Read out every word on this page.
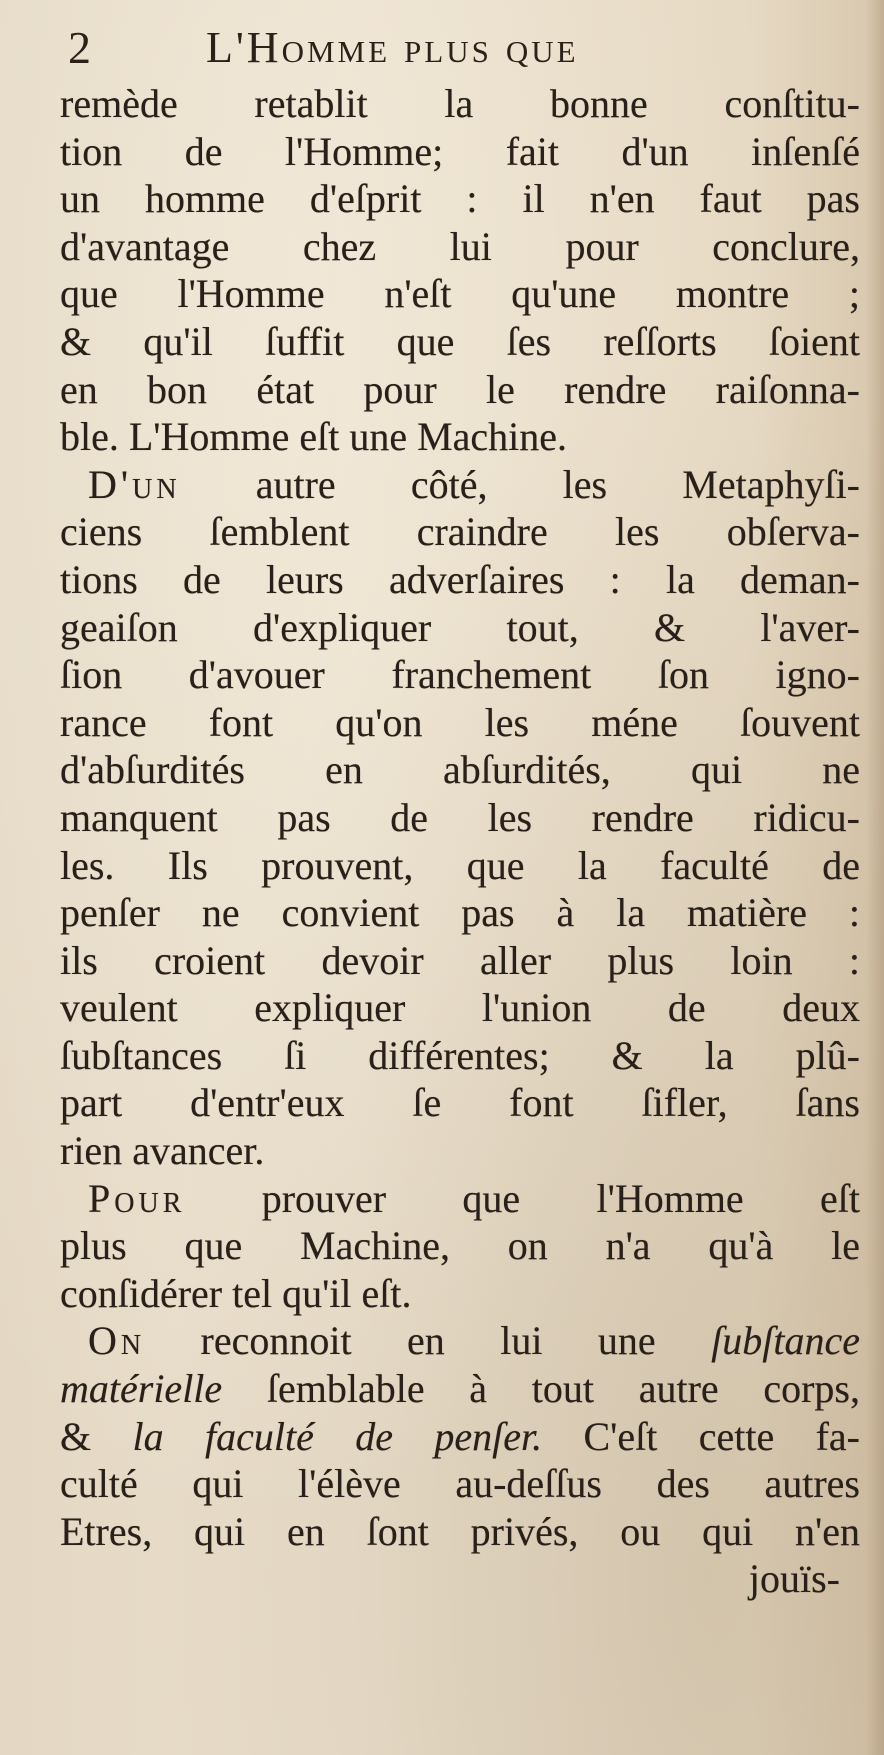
2	L'Homme plus que
remède retablit la bonne conſtitu-
tion de l'Homme; fait d'un inſenſé
un homme d'eſprit : il n'en faut pas
d'avantage chez lui pour conclure,
que l'Homme n'eſt qu'une montre ;
& qu'il ſuffit que ſes reſſorts ſoient
en bon état pour le rendre raiſonna-
ble. L'Homme eſt une Machine.
D'un autre côté, les Metaphyſi-
ciens ſemblent craindre les obſerva-
tions de leurs adverſaires : la deman-
geaiſon d'expliquer tout, & l'aver-
ſion d'avouer franchement ſon igno-
rance font qu'on les méne ſouvent
d'abſurdités en abſurdités, qui ne
manquent pas de les rendre ridicu-
les. Ils prouvent, que la faculté de
penſer ne convient pas à la matière :
ils croient devoir aller plus loin :
veulent expliquer l'union de deux
ſubſtances ſi différentes; & la plû-
part d'entr'eux ſe font ſifler, ſans
rien avancer.
Pour prouver que l'Homme eſt
plus que Machine, on n'a qu'à le
conſidérer tel qu'il eſt.
On reconnoit en lui une ſubſtance
matérielle ſemblable à tout autre corps,
& la faculté de penſer. C'eſt cette fa-
culté qui l'élève au-deſſus des autres
Etres, qui en ſont privés, ou qui n'en
jouïs-
